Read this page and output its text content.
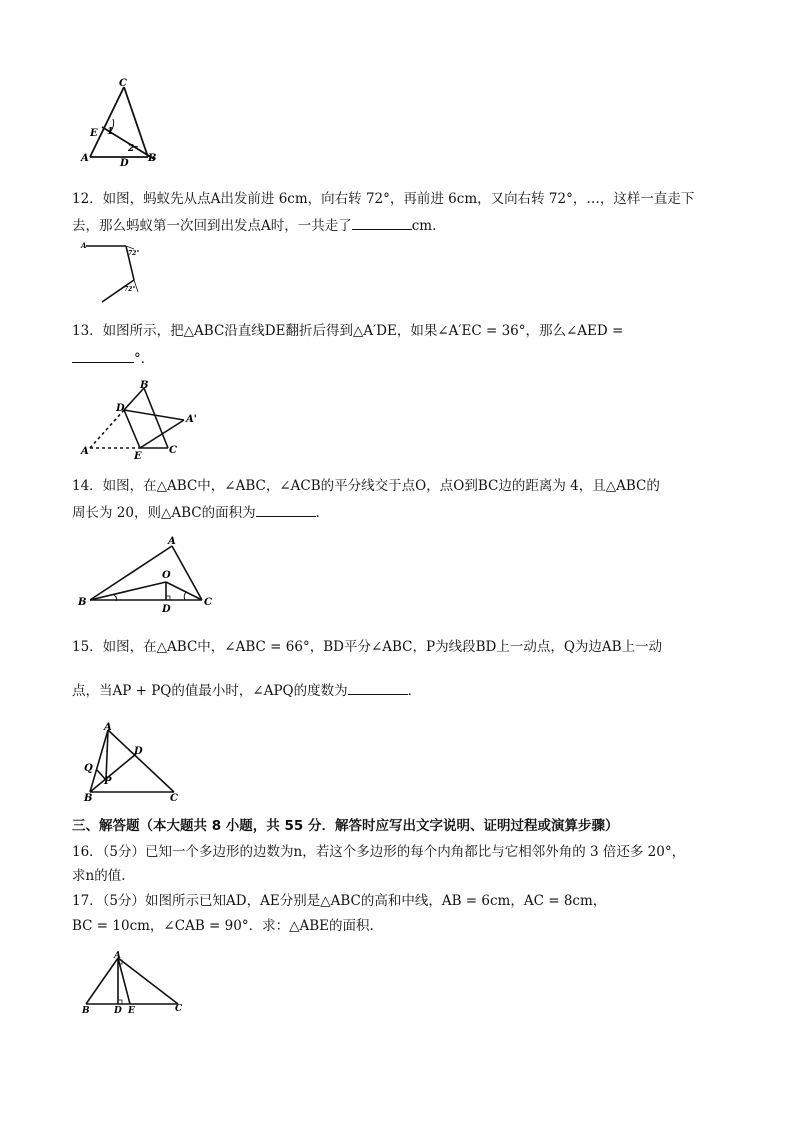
C
E 1
2
A	D B
12．如图，蚂蚁先从点A出发前进 6cm，向右转 72°，再前进 6cm，又向右转 72°，…，这样一直走下
去，那么蚂蚁第一次回到出发点A时，一共走了	cm.
A
72°
72°
13．如图所示，把△ABC沿直线DE翻折后得到△A′DE，如果∠A′EC = 36°，那么∠AED =
°．
B
D
A'
A	E
C
14．如图，在△ABC中，∠ABC，∠ACB的平分线交于点O，点O到BC边的距离为 4，且△ABC的
周长为 20，则△ABC的面积为	．
A
O
B
D
C
15．如图，在△ABC中，∠ABC = 66°，BD平分∠ABC，P为线段BD上一动点，Q为边AB上一动
点，当AP + PQ的值最小时，∠APQ的度数为	．
A
D
Q
P
B	C
三、解答题（本大题共 8 小题，共 55 分．解答时应写出文字说明、证明过程或演算步骤）
16．（5分）已知一个多边形的边数为n，若这个多边形的每个内角都比与它相邻外角的 3 倍还多 20°，
求n的值.
17．（5分）如图所示已知AD，AE分别是△ABC的高和中线，AB = 6cm，AC = 8cm，
BC = 10cm，∠CAB = 90°．求：△ABE的面积.
A
B	D E	C
